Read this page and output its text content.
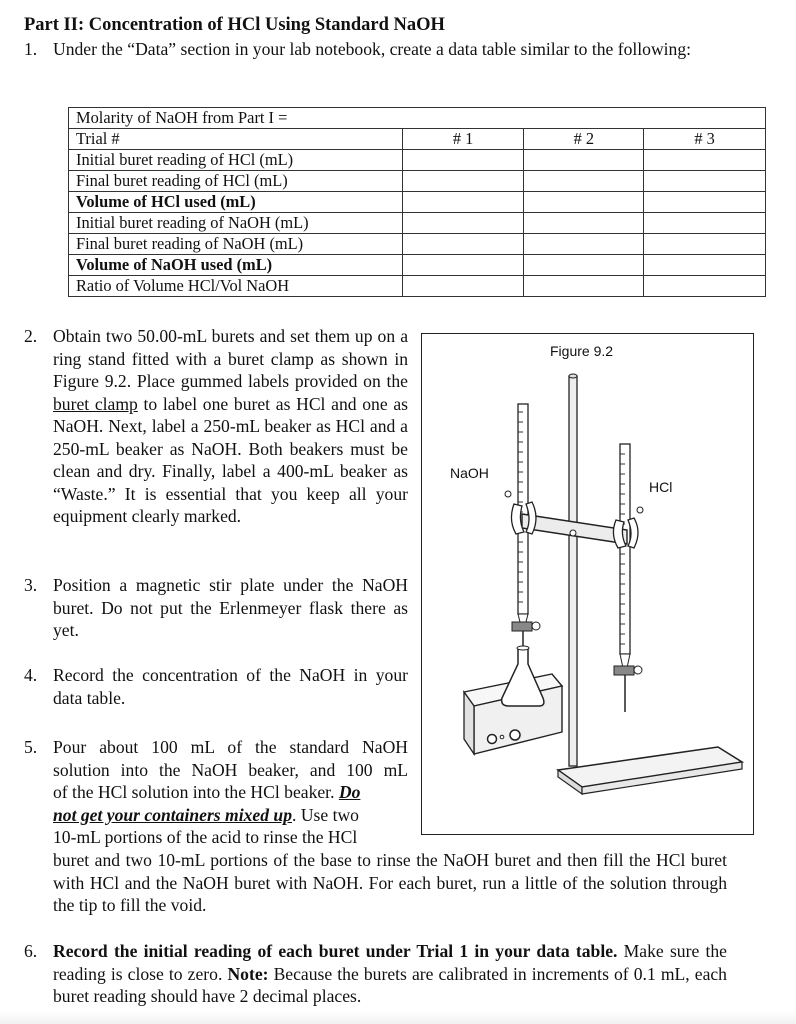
Part II: Concentration of HCl Using Standard NaOH
1. Under the “Data” section in your lab notebook, create a data table similar to the following:
Molarity of NaOH from Part I =			
Trial #	# 1	# 2	# 3
Initial buret reading of HCl (mL)			
Final buret reading of HCl (mL)			
Volume of HCl used (mL)			
Initial buret reading of NaOH (mL)			
Final buret reading of NaOH (mL)			
Volume of NaOH used (mL)			
Ratio of Volume HCl/Vol NaOH			
2. Obtain two 50.00-mL burets and set them up on a ring stand fitted with a buret clamp as shown in Figure 9.2. Place gummed labels provided on the buret clamp to label one buret as HCl and one as NaOH. Next, label a 250-mL beaker as HCl and a 250-mL beaker as NaOH. Both beakers must be clean and dry. Finally, label a 400-mL beaker as “Waste.” It is essential that you keep all your equipment clearly marked.
Figure 9.2
NaOH
HCl
3. Position a magnetic stir plate under the NaOH buret. Do not put the Erlenmeyer flask there as yet.
4. Record the concentration of the NaOH in your data table.
5. Pour about 100 mL of the standard NaOH
solution into the NaOH beaker, and 100 mL
of the HCl solution into the HCl beaker. Do
not get your containers mixed up. Use two
10-mL portions of the acid to rinse the HCl
buret and two 10-mL portions of the base to rinse the NaOH buret and then fill the HCl buret with HCl and the NaOH buret with NaOH. For each buret, run a little of the solution through the tip to fill the void.
6. Record the initial reading of each buret under Trial 1 in your data table. Make sure the reading is close to zero. Note: Because the burets are calibrated in increments of 0.1 mL, each buret reading should have 2 decimal places.
